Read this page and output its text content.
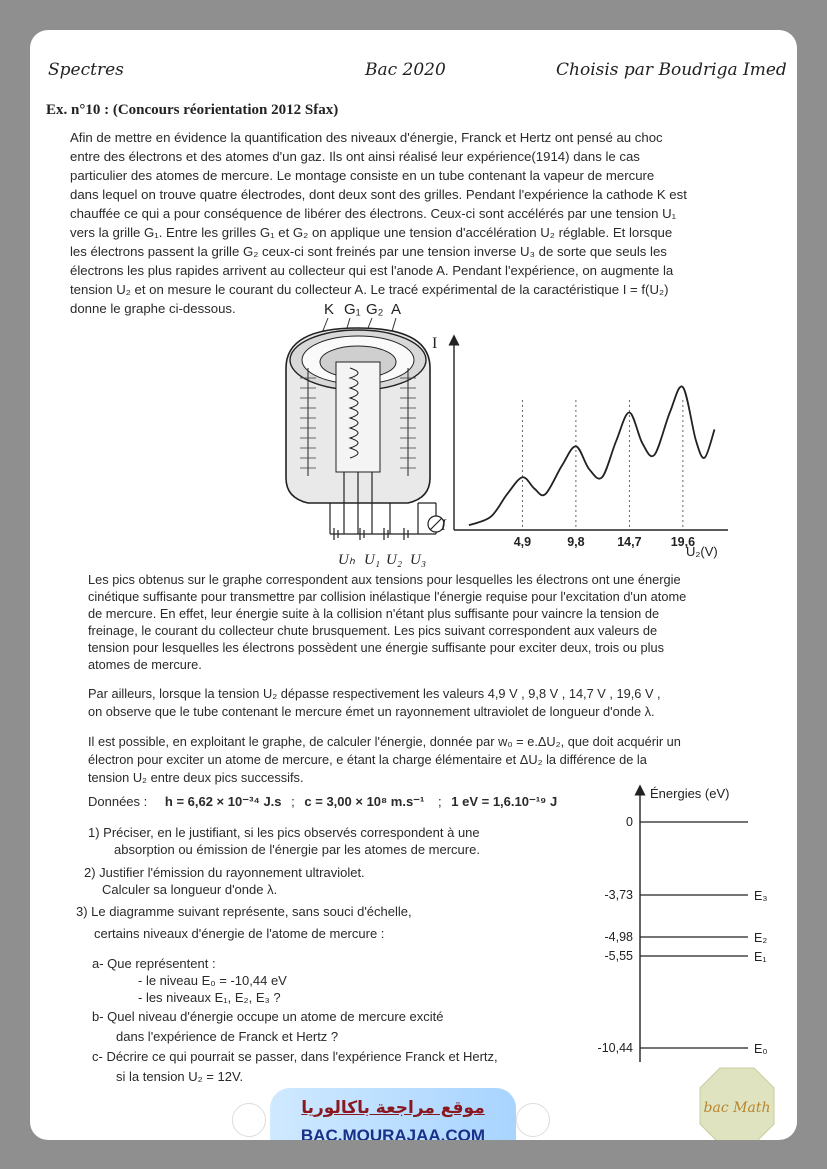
Spectres	Bac 2020	Choisis par Boudriga Imed
Ex. n°10 : (Concours réorientation 2012 Sfax)
Afin de mettre en évidence la quantification des niveaux d'énergie, Franck et Hertz ont pensé au choc
entre des électrons et des atomes d'un gaz. Ils ont ainsi réalisé leur expérience(1914) dans le cas
particulier des atomes de mercure. Le montage consiste en un tube contenant la vapeur de mercure
dans lequel on trouve quatre électrodes, dont deux sont des grilles. Pendant l'expérience la cathode K est
chauffée ce qui a pour conséquence de libérer des électrons. Ceux-ci sont accélérés par une tension U₁
vers la grille G₁. Entre les grilles G₁ et G₂ on applique une tension d'accélération U₂ réglable. Et lorsque
les électrons passent la grille G₂ ceux-ci sont freinés par une tension inverse U₃ de sorte que seuls les
électrons les plus rapides arrivent au collecteur qui est l'anode A. Pendant l'expérience, on augmente la
tension U₂ et on mesure le courant du collecteur A. Le tracé expérimental de la caractéristique I = f(U₂)
donne le graphe ci-dessous.	K G₁ G₂ A
I
Uₕ U₁ U₂ U₃
I
U₂(V)
4,9	9,8	14,7 19,6
Les pics obtenus sur le graphe correspondent aux tensions pour lesquelles les électrons ont une énergie
cinétique suffisante pour transmettre par collision inélastique l'énergie requise pour l'excitation d'un atome
de mercure. En effet, leur énergie suite à la collision n'étant plus suffisante pour vaincre la tension de
freinage, le courant du collecteur chute brusquement. Les pics suivant correspondent aux valeurs de
tension pour lesquelles les électrons possèdent une énergie suffisante pour exciter deux, trois ou plus
atomes de mercure.
Par ailleurs, lorsque la tension U₂ dépasse respectivement les valeurs 4,9 V , 9,8 V , 14,7 V , 19,6 V ,
on observe que le tube contenant le mercure émet un rayonnement ultraviolet de longueur d'onde λ.
Il est possible, en exploitant le graphe, de calculer l'énergie, donnée par w₀ = e.ΔU₂, que doit acquérir un
électron pour exciter un atome de mercure, e étant la charge élémentaire et ΔU₂ la différence de la
tension U₂ entre deux pics successifs.
Données : h = 6,62 × 10⁻³⁴ J.s ; c = 3,00 × 10⁸ m.s⁻¹ ; 1 eV = 1,6.10⁻¹⁹ J
1) Préciser, en le justifiant, si les pics observés correspondent à une
absorption ou émission de l'énergie par les atomes de mercure.
2) Justifier l'émission du rayonnement ultraviolet.
Calculer sa longueur d'onde λ.
3) Le diagramme suivant représente, sans souci d'échelle,
certains niveaux d'énergie de l'atome de mercure :
a- Que représentent :
- le niveau E₀ = -10,44 eV
- les niveaux E₁, E₂, E₃ ?
b- Quel niveau d'énergie occupe un atome de mercure excité
dans l'expérience de Franck et Hertz ?
c- Décrire ce qui pourrait se passer, dans l'expérience Franck et Hertz,
si la tension U₂ = 12V.
Énergies (eV)
0
-3,73	E₃
-4,98	E₂
-5,55	E₁
-10,44	E₀
موقع مراجعة باكالوريا
BAC.MOURAJAA.COM
bac Math
